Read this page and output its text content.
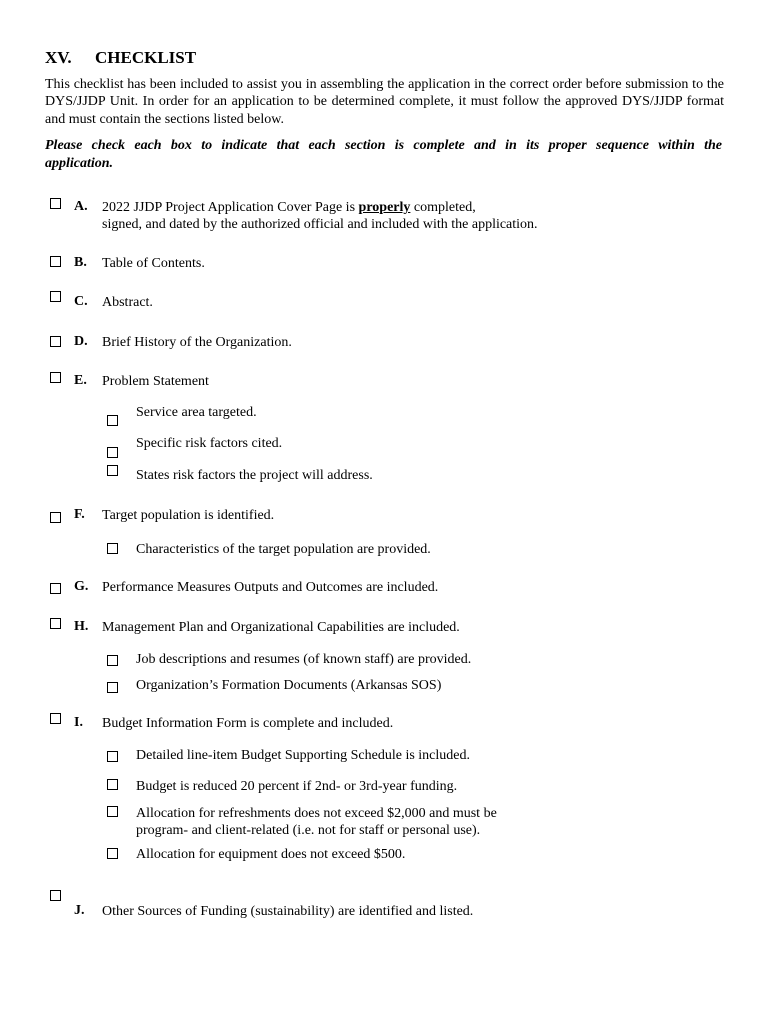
XV. CHECKLIST
This checklist has been included to assist you in assembling the application in the correct order before submission to the DYS/JJDP Unit. In order for an application to be determined complete, it must follow the approved DYS/JJDP format and must contain the sections listed below.
Please check each box to indicate that each section is complete and in its proper sequence within the application.
A. 2022 JJDP Project Application Cover Page is properly completed,
signed, and dated by the authorized official and included with the application.
B. Table of Contents.
C. Abstract.
D. Brief History of the Organization.
E. Problem Statement
Service area targeted.
Specific risk factors cited.
States risk factors the project will address.
F. Target population is identified.
Characteristics of the target population are provided.
G. Performance Measures Outputs and Outcomes are included.
H. Management Plan and Organizational Capabilities are included.
Job descriptions and resumes (of known staff) are provided.
Organization’s Formation Documents (Arkansas SOS)
I. Budget Information Form is complete and included.
Detailed line-item Budget Supporting Schedule is included.
Budget is reduced 20 percent if 2nd- or 3rd-year funding.
Allocation for refreshments does not exceed $2,000 and must be
program- and client-related (i.e. not for staff or personal use).
Allocation for equipment does not exceed $500.
J. Other Sources of Funding (sustainability) are identified and listed.
